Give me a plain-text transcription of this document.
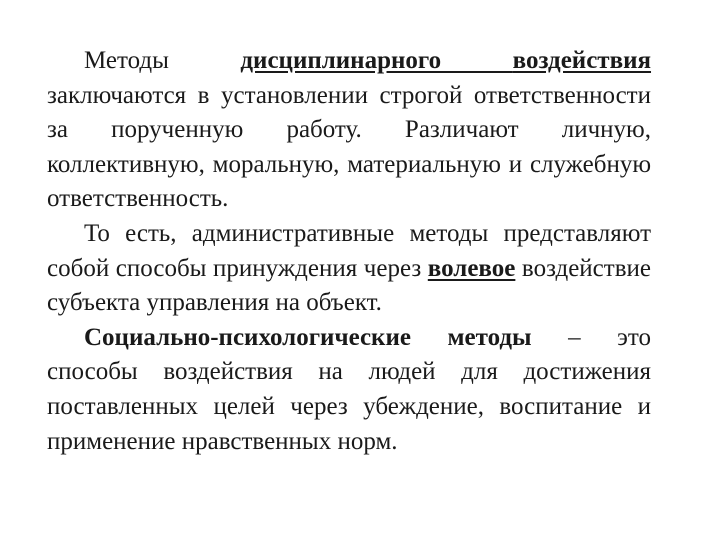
Методы дисциплинарного воздействия заключаются в установлении строгой ответственности за порученную работу. Различают личную, коллективную, моральную, материальную и служебную ответственность.

То есть, административные методы представляют собой способы принуждения через волевое воздействие субъекта управления на объект.

Социально-психологические методы – это способы воздействия на людей для достижения поставленных целей через убеждение, воспитание и применение нравственных норм.
